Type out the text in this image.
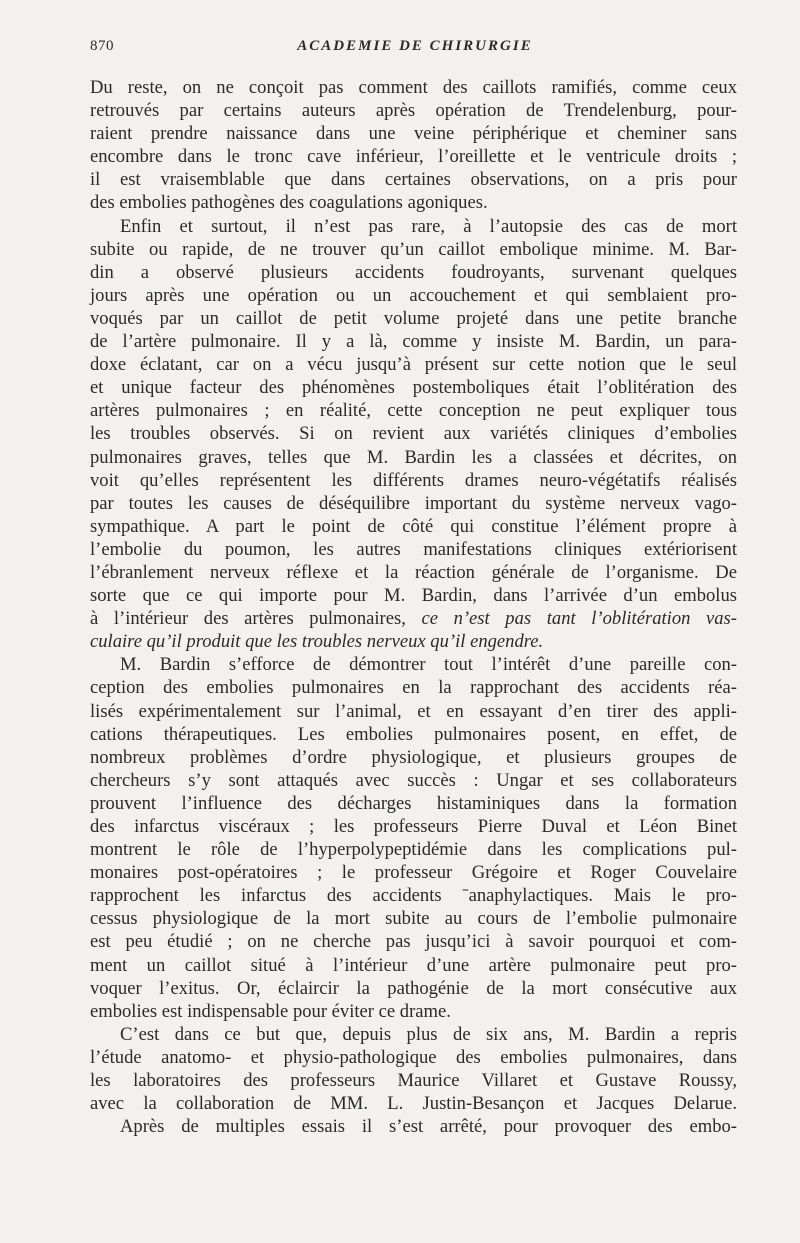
870	ACADEMIE DE CHIRURGIE
Du reste, on ne conçoit pas comment des caillots ramifiés, comme ceux
retrouvés par certains auteurs après opération de Trendelenburg, pour-
raient prendre naissance dans une veine périphérique et cheminer sans
encombre dans le tronc cave inférieur, l’oreillette et le ventricule droits ;
il est vraisemblable que dans certaines observations, on a pris pour
des embolies pathogènes des coagulations agoniques.
Enfin et surtout, il n’est pas rare, à l’autopsie des cas de mort
subite ou rapide, de ne trouver qu’un caillot embolique minime. M. Bar-
din a observé plusieurs accidents foudroyants, survenant quelques
jours après une opération ou un accouchement et qui semblaient pro-
voqués par un caillot de petit volume projeté dans une petite branche
de l’artère pulmonaire. Il y a là, comme y insiste M. Bardin, un para-
doxe éclatant, car on a vécu jusqu’à présent sur cette notion que le seul
et unique facteur des phénomènes postemboliques était l’oblitération des
artères pulmonaires ; en réalité, cette conception ne peut expliquer tous
les troubles observés. Si on revient aux variétés cliniques d’embolies
pulmonaires graves, telles que M. Bardin les a classées et décrites, on
voit qu’elles représentent les différents drames neuro-végétatifs réalisés
par toutes les causes de déséquilibre important du système nerveux vago-
sympathique. A part le point de côté qui constitue l’élément propre à
l’embolie du poumon, les autres manifestations cliniques extériorisent
l’ébranlement nerveux réflexe et la réaction générale de l’organisme. De
sorte que ce qui importe pour M. Bardin, dans l’arrivée d’un embolus
à l’intérieur des artères pulmonaires, ce n’est pas tant l’oblitération vas-
culaire qu’il produit que les troubles nerveux qu’il engendre.
M. Bardin s’efforce de démontrer tout l’intérêt d’une pareille con-
ception des embolies pulmonaires en la rapprochant des accidents réa-
lisés expérimentalement sur l’animal, et en essayant d’en tirer des appli-
cations thérapeutiques. Les embolies pulmonaires posent, en effet, de
nombreux problèmes d’ordre physiologique, et plusieurs groupes de
chercheurs s’y sont attaqués avec succès : Ungar et ses collaborateurs
prouvent l’influence des décharges histaminiques dans la formation
des infarctus viscéraux ; les professeurs Pierre Duval et Léon Binet
montrent le rôle de l’hyperpolypeptidémie dans les complications pul-
monaires post-opératoires ; le professeur Grégoire et Roger Couvelaire
rapprochent les infarctus des accidents ˉanaphylactiques. Mais le pro-
cessus physiologique de la mort subite au cours de l’embolie pulmonaire
est peu étudié ; on ne cherche pas jusqu’ici à savoir pourquoi et com-
ment un caillot situé à l’intérieur d’une artère pulmonaire peut pro-
voquer l’exitus. Or, éclaircir la pathogénie de la mort consécutive aux
embolies est indispensable pour éviter ce drame.
C’est dans ce but que, depuis plus de six ans, M. Bardin a repris
l’étude anatomo- et physio-pathologique des embolies pulmonaires, dans
les laboratoires des professeurs Maurice Villaret et Gustave Roussy,
avec la collaboration de MM. L. Justin-Besançon et Jacques Delarue.
Après de multiples essais il s’est arrêté, pour provoquer des embo-
